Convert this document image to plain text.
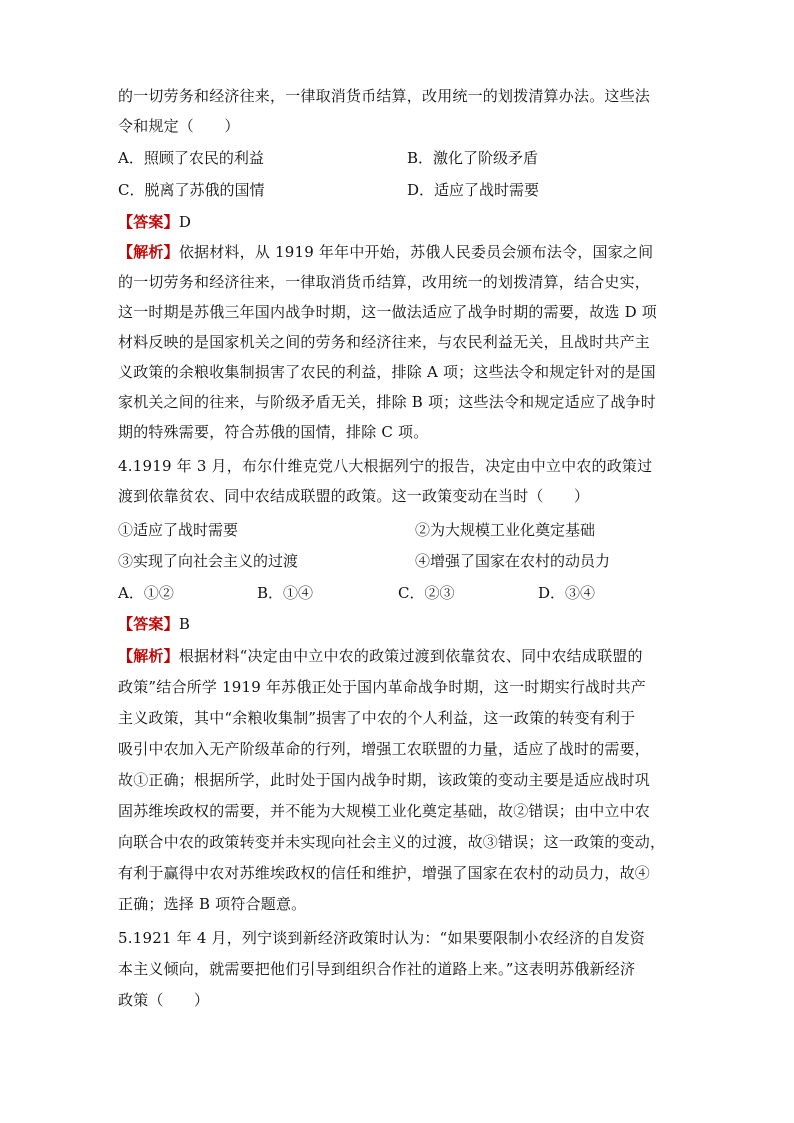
的一切劳务和经济往来，一律取消货币结算，改用统一的划拨清算办法。这些法
令和规定（　　）
A．照顾了农民的利益	B．激化了阶级矛盾
C．脱离了苏俄的国情	D．适应了战时需要
【答案】D
【解析】依据材料，从 1919 年年中开始，苏俄人民委员会颁布法令，国家之间
的一切劳务和经济往来，一律取消货币结算，改用统一的划拨清算，结合史实，
这一时期是苏俄三年国内战争时期，这一做法适应了战争时期的需要，故选 D 项
材料反映的是国家机关之间的劳务和经济往来，与农民利益无关，且战时共产主
义政策的余粮收集制损害了农民的利益，排除 A 项；这些法令和规定针对的是国
家机关之间的往来，与阶级矛盾无关，排除 B 项；这些法令和规定适应了战争时
期的特殊需要，符合苏俄的国情，排除 C 项。
4.1919 年 3 月，布尔什维克党八大根据列宁的报告，决定由中立中农的政策过
渡到依靠贫农、同中农结成联盟的政策。这一政策变动在当时（　　）
①适应了战时需要	②为大规模工业化奠定基础
③实现了向社会主义的过渡	④增强了国家在农村的动员力
A．①②	B．①④	C．②③	D．③④
【答案】B
【解析】根据材料“决定由中立中农的政策过渡到依靠贫农、同中农结成联盟的
政策”结合所学 1919 年苏俄正处于国内革命战争时期，这一时期实行战时共产
主义政策，其中“余粮收集制”损害了中农的个人利益，这一政策的转变有利于
吸引中农加入无产阶级革命的行列，增强工农联盟的力量，适应了战时的需要，
故①正确；根据所学，此时处于国内战争时期，该政策的变动主要是适应战时巩
固苏维埃政权的需要，并不能为大规模工业化奠定基础，故②错误；由中立中农
向联合中农的政策转变并未实现向社会主义的过渡，故③错误；这一政策的变动，
有利于赢得中农对苏维埃政权的信任和维护，增强了国家在农村的动员力，故④
正确；选择 B 项符合题意。
5.1921 年 4 月，列宁谈到新经济政策时认为：“如果要限制小农经济的自发资
本主义倾向，就需要把他们引导到组织合作社的道路上来。”这表明苏俄新经济
政策（　　）
